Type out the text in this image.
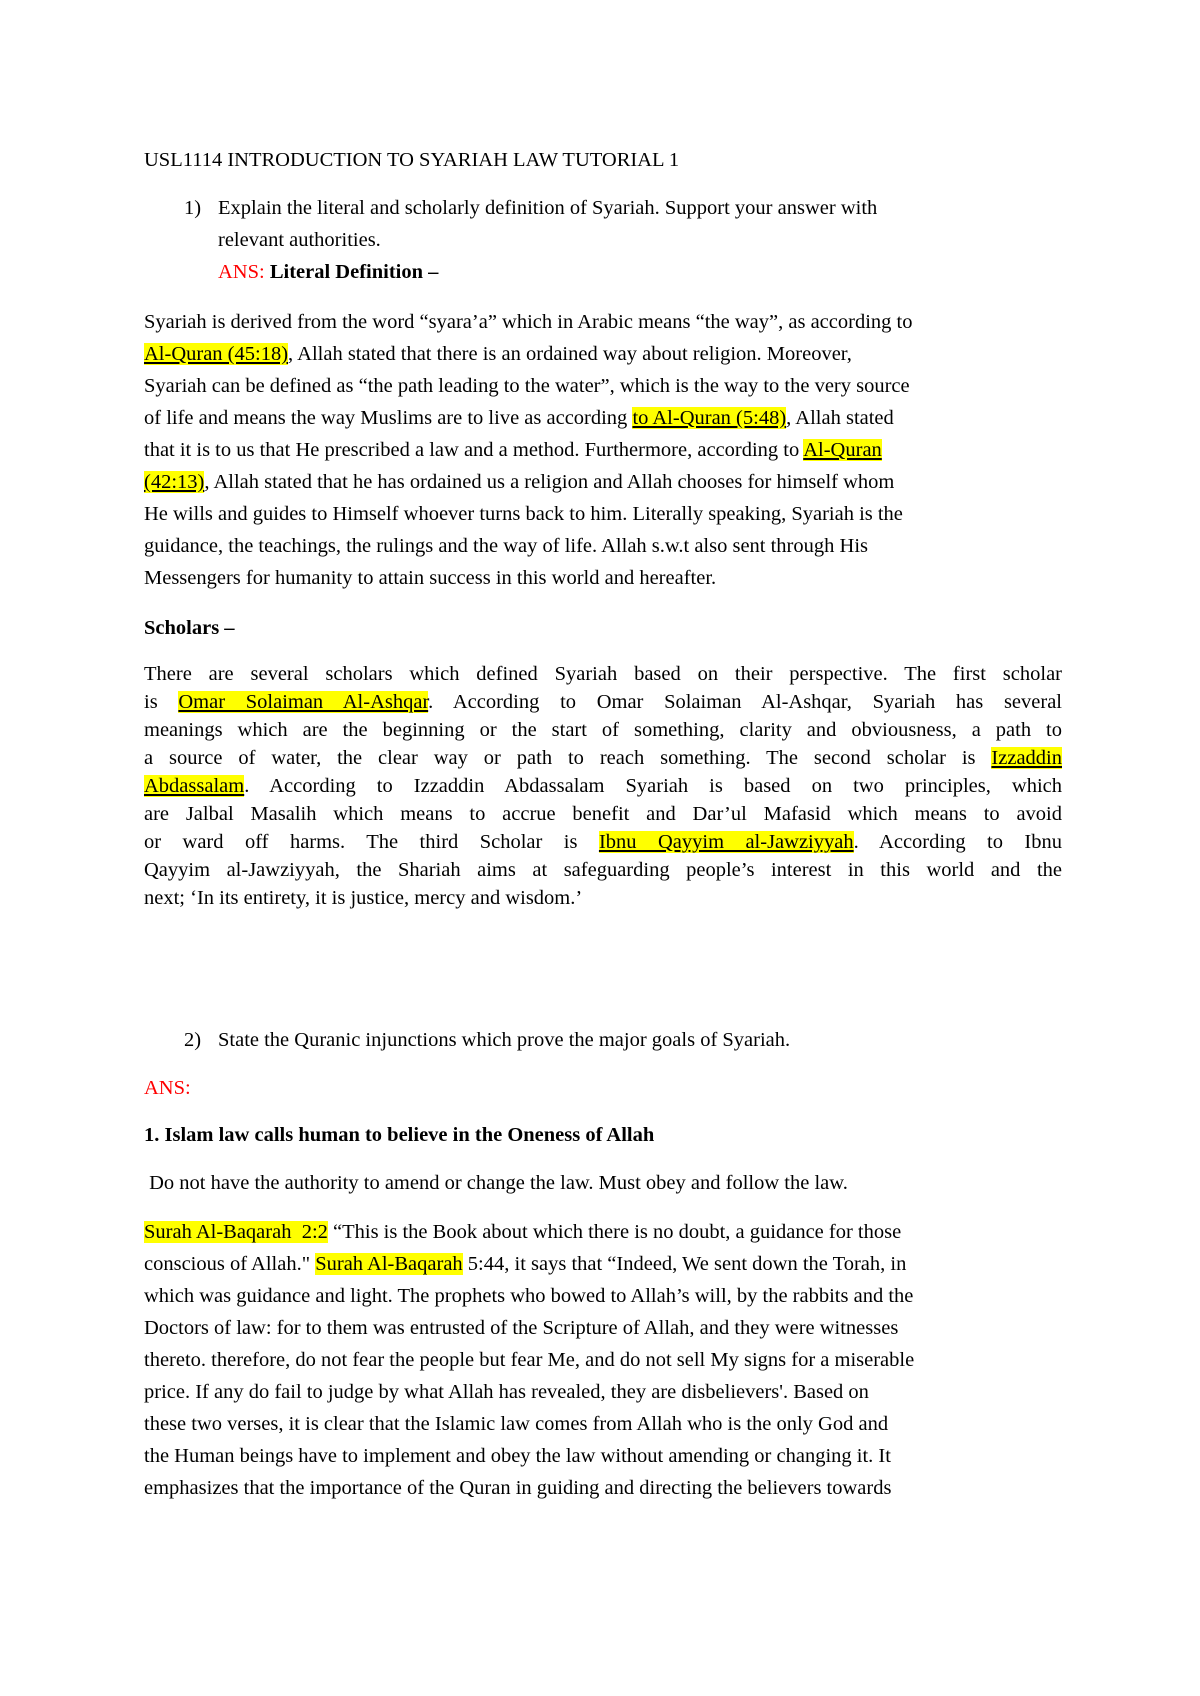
USL1114 INTRODUCTION TO SYARIAH LAW TUTORIAL 1
1) Explain the literal and scholarly definition of Syariah. Support your answer with
relevant authorities.
ANS: Literal Definition –
Syariah is derived from the word “syara’a” which in Arabic means “the way”, as according to
Al-Quran (45:18), Allah stated that there is an ordained way about religion. Moreover,
Syariah can be defined as “the path leading to the water”, which is the way to the very source
of life and means the way Muslims are to live as according to Al-Quran (5:48), Allah stated
that it is to us that He prescribed a law and a method. Furthermore, according to Al-Quran
(42:13), Allah stated that he has ordained us a religion and Allah chooses for himself whom
He wills and guides to Himself whoever turns back to him. Literally speaking, Syariah is the
guidance, the teachings, the rulings and the way of life. Allah s.w.t also sent through His
Messengers for humanity to attain success in this world and hereafter.
Scholars –
There are several scholars which defined Syariah based on their perspective. The first scholar
is Omar Solaiman Al-Ashqar. According to Omar Solaiman Al-Ashqar, Syariah has several
meanings which are the beginning or the start of something, clarity and obviousness, a path to
a source of water, the clear way or path to reach something. The second scholar is Izzaddin
Abdassalam. According to Izzaddin Abdassalam Syariah is based on two principles, which
are Jalbal Masalih which means to accrue benefit and Dar’ul Mafasid which means to avoid
or ward off harms. The third Scholar is Ibnu Qayyim al-Jawziyyah. According to Ibnu
Qayyim al-Jawziyyah, the Shariah aims at safeguarding people’s interest in this world and the
next; ‘In its entirety, it is justice, mercy and wisdom.’
2) State the Quranic injunctions which prove the major goals of Syariah.
ANS:
1. Islam law calls human to believe in the Oneness of Allah
Do not have the authority to amend or change the law. Must obey and follow the law.
Surah Al-Baqarah  2:2 “This is the Book about which there is no doubt, a guidance for those
conscious of Allah." Surah Al-Baqarah 5:44, it says that “Indeed, We sent down the Torah, in
which was guidance and light. The prophets who bowed to Allah’s will, by the rabbits and the
Doctors of law: for to them was entrusted of the Scripture of Allah, and they were witnesses
thereto. therefore, do not fear the people but fear Me, and do not sell My signs for a miserable
price. If any do fail to judge by what Allah has revealed, they are disbelievers'. Based on
these two verses, it is clear that the Islamic law comes from Allah who is the only God and
the Human beings have to implement and obey the law without amending or changing it. It
emphasizes that the importance of the Quran in guiding and directing the believers towards
